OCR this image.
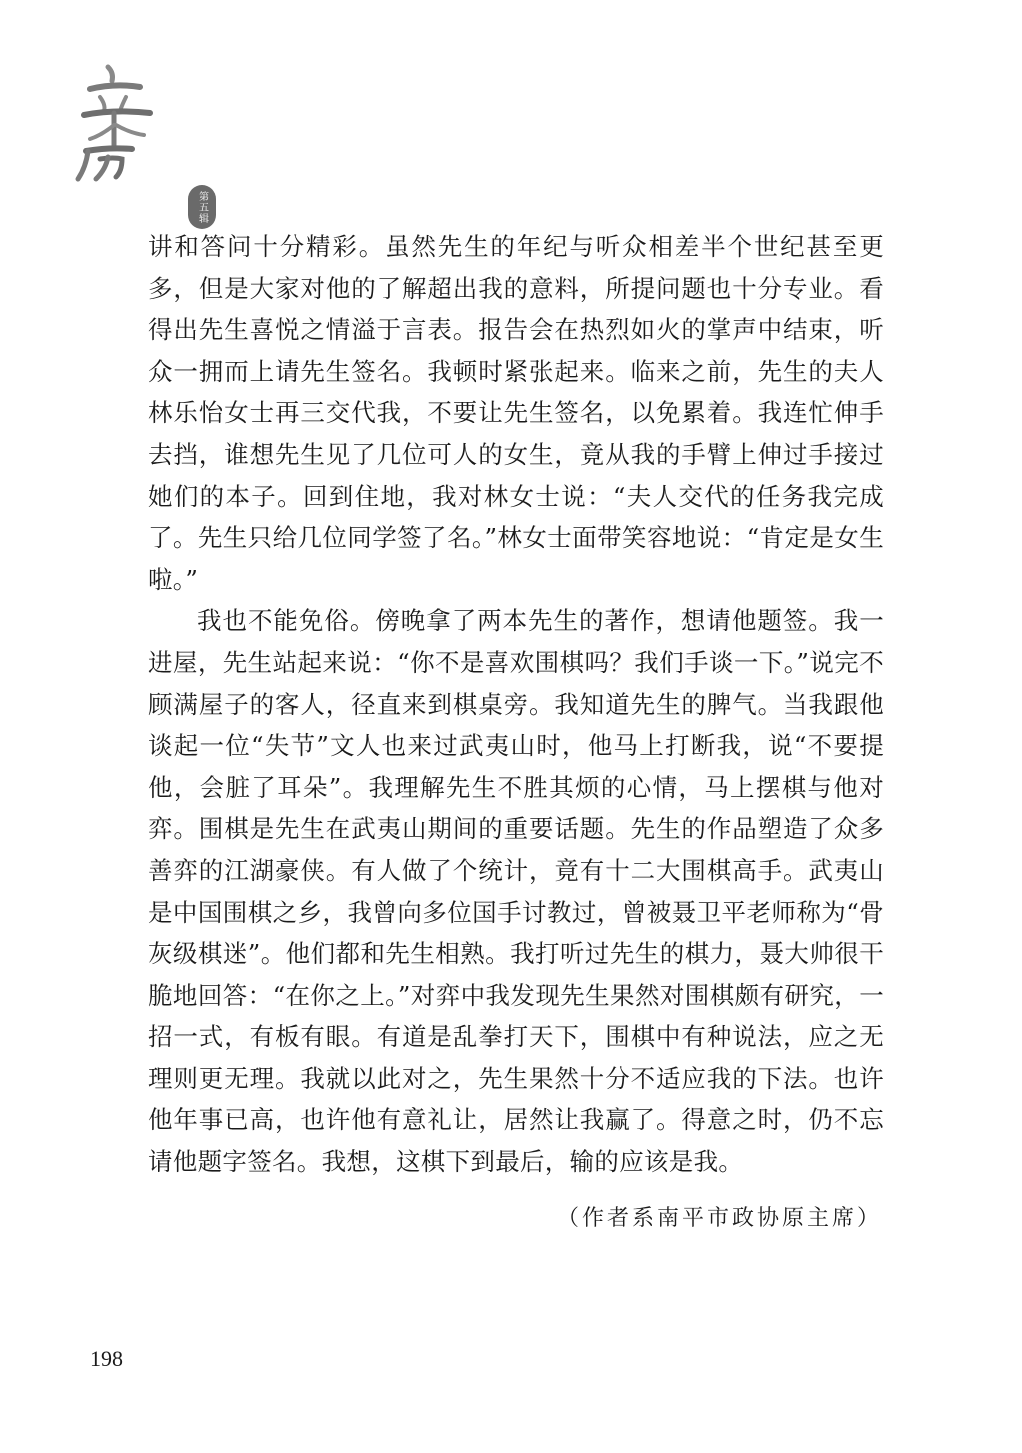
第五辑

讲和答问十分精彩。虽然先生的年纪与听众相差半个世纪甚至更多，但是大家对他的了解超出我的意料，所提问题也十分专业。看得出先生喜悦之情溢于言表。报告会在热烈如火的掌声中结束，听众一拥而上请先生签名。我顿时紧张起来。临来之前，先生的夫人林乐怡女士再三交代我，不要让先生签名，以免累着。我连忙伸手去挡，谁想先生见了几位可人的女生，竟从我的手臂上伸过手接过她们的本子。回到住地，我对林女士说：“夫人交代的任务我完成了。先生只给几位同学签了名。”林女士面带笑容地说：“肯定是女生啦。”

我也不能免俗。傍晚拿了两本先生的著作，想请他题签。我一进屋，先生站起来说：“你不是喜欢围棋吗？我们手谈一下。”说完不顾满屋子的客人，径直来到棋桌旁。我知道先生的脾气。当我跟他谈起一位“失节”文人也来过武夷山时，他马上打断我，说“不要提他，会脏了耳朵”。我理解先生不胜其烦的心情，马上摆棋与他对弈。围棋是先生在武夷山期间的重要话题。先生的作品塑造了众多善弈的江湖豪侠。有人做了个统计，竟有十二大围棋高手。武夷山是中国围棋之乡，我曾向多位国手讨教过，曾被聂卫平老师称为“骨灰级棋迷”。他们都和先生相熟。我打听过先生的棋力，聂大帅很干脆地回答：“在你之上。”对弈中我发现先生果然对围棋颇有研究，一招一式，有板有眼。有道是乱拳打天下，围棋中有种说法，应之无理则更无理。我就以此对之，先生果然十分不适应我的下法。也许他年事已高，也许他有意礼让，居然让我赢了。得意之时，仍不忘请他题字签名。我想，这棋下到最后，输的应该是我。

（作者系南平市政协原主席）
198
